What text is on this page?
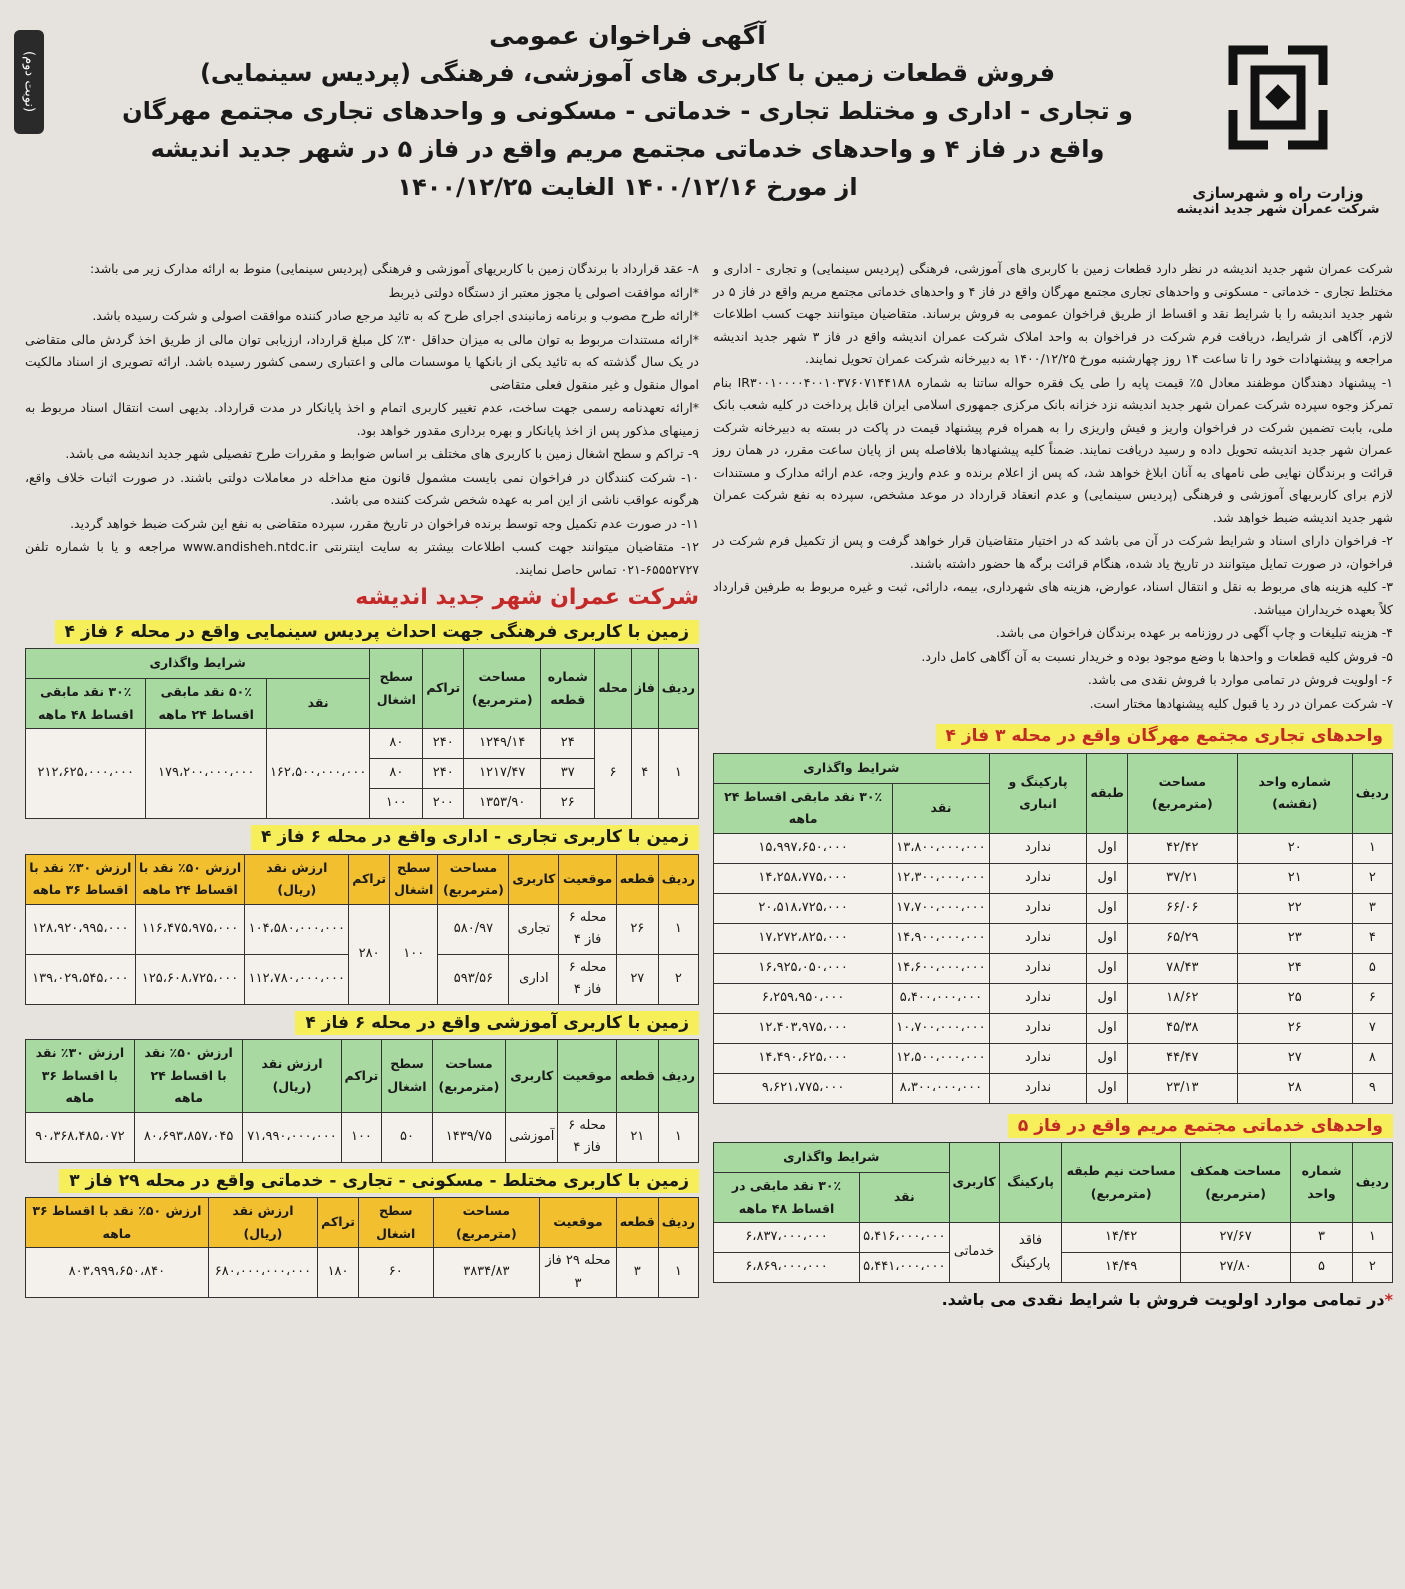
(نوبت دوم)
وزارت راه و شهرسازی
شرکت عمران شهر جدید اندیشه
آگهی فراخوان عمومی
فروش قطعات زمین با کاربری های آموزشی، فرهنگی (پردیس سینمایی)
و تجاری - اداری و مختلط تجاری - خدماتی - مسکونی و واحدهای تجاری مجتمع مهرگان
واقع در فاز ۴ و واحدهای خدماتی مجتمع مریم واقع در فاز ۵ در شهر جدید اندیشه
از مورخ ۱۴۰۰/۱۲/۱۶ الغایت ۱۴۰۰/۱۲/۲۵

شرکت عمران شهر جدید اندیشه در نظر دارد قطعات زمین با کاربری های آموزشی، فرهنگی (پردیس سینمایی) و تجاری - اداری و مختلط تجاری - خدماتی - مسکونی و واحدهای تجاری مجتمع مهرگان واقع در فاز ۴ و واحدهای خدماتی مجتمع مریم واقع در فاز ۵ در شهر جدید اندیشه را با شرایط نقد و اقساط از طریق فراخوان عمومی به فروش برساند. متقاضیان میتوانند جهت کسب اطلاعات لازم، آگاهی از شرایط، دریافت فرم شرکت در فراخوان به واحد املاک شرکت عمران اندیشه واقع در فاز ۳ شهر جدید اندیشه مراجعه و پیشنهادات خود را تا ساعت ۱۴ روز چهارشنبه مورخ ۱۴۰۰/۱۲/۲۵ به دبیرخانه شرکت عمران تحویل نمایند.

۱- پیشنهاد دهندگان موظفند معادل ۵٪ قیمت پایه را طی یک فقره حواله ساتنا به شماره IR۳۰۰۱۰۰۰۰۴۰۰۱۰۳۷۶۰۷۱۴۴۱۸۸ بنام تمرکز وجوه سپرده شرکت عمران شهر جدید اندیشه نزد خزانه بانک مرکزی جمهوری اسلامی ایران قابل پرداخت در کلیه شعب بانک ملی، بابت تضمین شرکت در فراخوان واریز و فیش واریزی را به همراه فرم پیشنهاد قیمت در پاکت در بسته به دبیرخانه شرکت عمران شهر جدید اندیشه تحویل داده و رسید دریافت نمایند. ضمناً کلیه پیشنهادها بلافاصله پس از پایان ساعت مقرر، در همان روز قرائت و برندگان نهایی طی نامهای به آنان ابلاغ خواهد شد، که پس از اعلام برنده و عدم واریز وجه، عدم ارائه مدارک و مستندات لازم برای کاربریهای آموزشی و فرهنگی (پردیس سینمایی) و عدم انعقاد قرارداد در موعد مشخص، سپرده به نفع شرکت عمران شهر جدید اندیشه ضبط خواهد شد.

۲- فراخوان دارای اسناد و شرایط شرکت در آن می باشد که در اختیار متقاضیان قرار خواهد گرفت و پس از تکمیل فرم شرکت در فراخوان، در صورت تمایل میتوانند در تاریخ یاد شده، هنگام قرائت برگه ها حضور داشته باشند.

۳- کلیه هزینه های مربوط به نقل و انتقال اسناد، عوارض، هزینه های شهرداری، بیمه، دارائی، ثبت و غیره مربوط به طرفین قرارداد کلاً بعهده خریداران میباشد.

۴- هزینه تبلیغات و چاپ آگهی در روزنامه بر عهده برندگان فراخوان می باشد.

۵- فروش کلیه قطعات و واحدها با وضع موجود بوده و خریدار نسبت به آن آگاهی کامل دارد.

۶- اولویت فروش در تمامی موارد با فروش نقدی می باشد.

۷- شرکت عمران در رد یا قبول کلیه پیشنهادها مختار است.

واحدهای تجاری مجتمع مهرگان واقع در محله ۳ فاز ۴
ردیف	شماره واحد (نقشه)	مساحت (مترمربع)	طبقه	پارکینگ و انباری	شرایط واگذاری	
					نقد	۳۰٪ نقد مابقی اقساط ۲۴ ماهه
۱	۲۰	۴۲/۴۲	اول	ندارد	۱۳،۸۰۰،۰۰۰،۰۰۰	۱۵،۹۹۷،۶۵۰،۰۰۰
۲	۲۱	۳۷/۲۱	اول	ندارد	۱۲،۳۰۰،۰۰۰،۰۰۰	۱۴،۲۵۸،۷۷۵،۰۰۰
۳	۲۲	۶۶/۰۶	اول	ندارد	۱۷،۷۰۰،۰۰۰،۰۰۰	۲۰،۵۱۸،۷۲۵،۰۰۰
۴	۲۳	۶۵/۲۹	اول	ندارد	۱۴،۹۰۰،۰۰۰،۰۰۰	۱۷،۲۷۲،۸۲۵،۰۰۰
۵	۲۴	۷۸/۴۳	اول	ندارد	۱۴،۶۰۰،۰۰۰،۰۰۰	۱۶،۹۲۵،۰۵۰،۰۰۰
۶	۲۵	۱۸/۶۲	اول	ندارد	۵،۴۰۰،۰۰۰،۰۰۰	۶،۲۵۹،۹۵۰،۰۰۰
۷	۲۶	۴۵/۳۸	اول	ندارد	۱۰،۷۰۰،۰۰۰،۰۰۰	۱۲،۴۰۳،۹۷۵،۰۰۰
۸	۲۷	۴۴/۴۷	اول	ندارد	۱۲،۵۰۰،۰۰۰،۰۰۰	۱۴،۴۹۰،۶۲۵،۰۰۰
۹	۲۸	۲۳/۱۳	اول	ندارد	۸،۳۰۰،۰۰۰،۰۰۰	۹،۶۲۱،۷۷۵،۰۰۰
واحدهای خدماتی مجتمع مریم واقع در فاز ۵
ردیف	شماره واحد	مساحت همکف (مترمربع)	مساحت نیم طبقه (مترمربع)	پارکینگ	کاربری	شرایط واگذاری	
						نقد	۳۰٪ نقد مابقی در اقساط ۴۸ ماهه
۱	۳	۲۷/۶۷	۱۴/۴۲	فاقد پارکینگ	خدماتی	۵،۴۱۶،۰۰۰،۰۰۰	۶،۸۳۷،۰۰۰،۰۰۰
۲	۵	۲۷/۸۰	۱۴/۴۹			۵،۴۴۱،۰۰۰،۰۰۰	۶،۸۶۹،۰۰۰،۰۰۰
*در تمامی موارد اولویت فروش با شرایط نقدی می باشد.

۸- عقد قرارداد با برندگان زمین با کاربریهای آموزشی و فرهنگی (پردیس سینمایی) منوط به ارائه مدارک زیر می باشد:

*ارائه موافقت اصولی یا مجوز معتبر از دستگاه دولتی ذیربط

*ارائه طرح مصوب و برنامه زمانبندی اجرای طرح که به تائید مرجع صادر کننده موافقت اصولی و شرکت رسیده باشد.

*ارائه مستندات مربوط به توان مالی به میزان حداقل ۳۰٪ کل مبلغ قرارداد، ارزیابی توان مالی از طریق اخذ گردش مالی متقاضی در یک سال گذشته که به تائید یکی از بانکها یا موسسات مالی و اعتباری رسمی کشور رسیده باشد. ارائه تصویری از اسناد مالکیت اموال منقول و غیر منقول فعلی متقاضی

*ارائه تعهدنامه رسمی جهت ساخت، عدم تغییر کاربری اتمام و اخذ پایانکار در مدت قرارداد. بدیهی است انتقال اسناد مربوط به زمینهای مذکور پس از اخذ پایانکار و بهره برداری مقدور خواهد بود.

۹- تراکم و سطح اشغال زمین با کاربری های مختلف بر اساس ضوابط و مقررات طرح تفصیلی شهر جدید اندیشه می باشد.

۱۰- شرکت کنندگان در فراخوان نمی بایست مشمول قانون منع مداخله در معاملات دولتی باشند. در صورت اثبات خلاف واقع، هرگونه عواقب ناشی از این امر به عهده شخص شرکت کننده می باشد.

۱۱- در صورت عدم تکمیل وجه توسط برنده فراخوان در تاریخ مقرر، سپرده متقاضی به نفع این شرکت ضبط خواهد گردید.

۱۲- متقاضیان میتوانند جهت کسب اطلاعات بیشتر به سایت اینترنتی www.andisheh.ntdc.ir مراجعه و یا با شماره تلفن ۶۵۵۵۲۷۲۷-۰۲۱ تماس حاصل نمایند.

شرکت عمران شهر جدید اندیشه
زمین با کاربری فرهنگی جهت احداث پردیس سینمایی واقع در محله ۶ فاز ۴
ردیف	فاز	محله	شماره قطعه	مساحت (مترمربع)	تراکم	سطح اشغال	شرایط واگذاری		
							نقد	۵۰٪ نقد مابقی اقساط ۲۴ ماهه	۳۰٪ نقد مابقی اقساط ۴۸ ماهه
۱	۴	۶	۲۴	۱۲۴۹/۱۴	۲۴۰	۸۰	۱۶۲،۵۰۰،۰۰۰،۰۰۰	۱۷۹،۲۰۰،۰۰۰،۰۰۰	۲۱۲،۶۲۵،۰۰۰،۰۰۰
			۳۷	۱۲۱۷/۴۷	۲۴۰	۸۰			
			۲۶	۱۳۵۳/۹۰	۲۰۰	۱۰۰			
زمین با کاربری تجاری - اداری واقع در محله ۶ فاز ۴
ردیف	قطعه	موقعیت	کاربری	مساحت (مترمربع)	سطح اشغال	تراکم	ارزش نقد (ریال)	ارزش ۵۰٪ نقد با اقساط ۲۴ ماهه	ارزش ۳۰٪ نقد با اقساط ۳۶ ماهه
۱	۲۶	محله ۶ فاز ۴	تجاری	۵۸۰/۹۷	۱۰۰	۲۸۰	۱۰۴،۵۸۰،۰۰۰،۰۰۰	۱۱۶،۴۷۵،۹۷۵،۰۰۰	۱۲۸،۹۲۰،۹۹۵،۰۰۰
۲	۲۷	محله ۶ فاز ۴	اداری	۵۹۳/۵۶			۱۱۲،۷۸۰،۰۰۰،۰۰۰	۱۲۵،۶۰۸،۷۲۵،۰۰۰	۱۳۹،۰۲۹،۵۴۵،۰۰۰
زمین با کاربری آموزشی واقع در محله ۶ فاز ۴
ردیف	قطعه	موقعیت	کاربری	مساحت (مترمربع)	سطح اشغال	تراکم	ارزش نقد (ریال)	ارزش ۵۰٪ نقد با اقساط ۲۴ ماهه	ارزش ۳۰٪ نقد با اقساط ۳۶ ماهه
۱	۲۱	محله ۶ فاز ۴	آموزشی	۱۴۳۹/۷۵	۵۰	۱۰۰	۷۱،۹۹۰،۰۰۰،۰۰۰	۸۰،۶۹۳،۸۵۷،۰۴۵	۹۰،۳۶۸،۴۸۵،۰۷۲
زمین با کاربری مختلط - مسکونی - تجاری - خدماتی واقع در محله ۲۹ فاز ۳
ردیف	قطعه	موقعیت	مساحت (مترمربع)	سطح اشغال	تراکم	ارزش نقد (ریال)	ارزش ۵۰٪ نقد با اقساط ۳۶ ماهه
۱	۳	محله ۲۹ فاز ۳	۳۸۳۴/۸۳	۶۰	۱۸۰	۶۸۰،۰۰۰،۰۰۰،۰۰۰	۸۰۳،۹۹۹،۶۵۰،۸۴۰
